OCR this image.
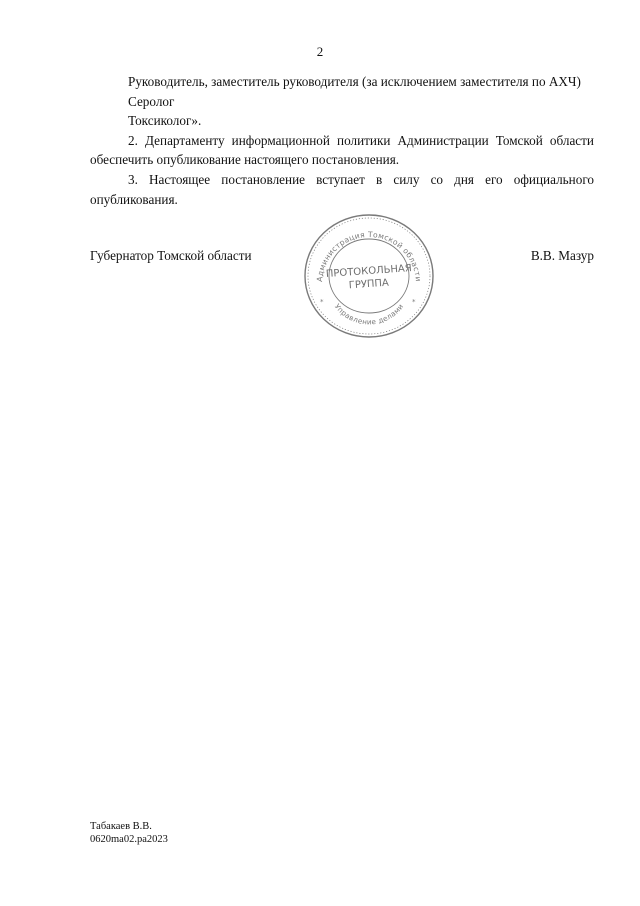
2

Руководитель, заместитель руководителя (за исключением заместителя по АХЧ)

Серолог

Токсиколог».

2. Департаменту информационной политики Администрации Томской области обеспечить опубликование настоящего постановления.

3. Настоящее постановление вступает в силу со дня его официального опубликования.

Губернатор Томской области	В.В. Мазур
Администрация Томской области
Управление делами
*	*
ПРОТОКОЛЬНАЯ
ГРУППА
Табакаев В.В.
0620ma02.pa2023
